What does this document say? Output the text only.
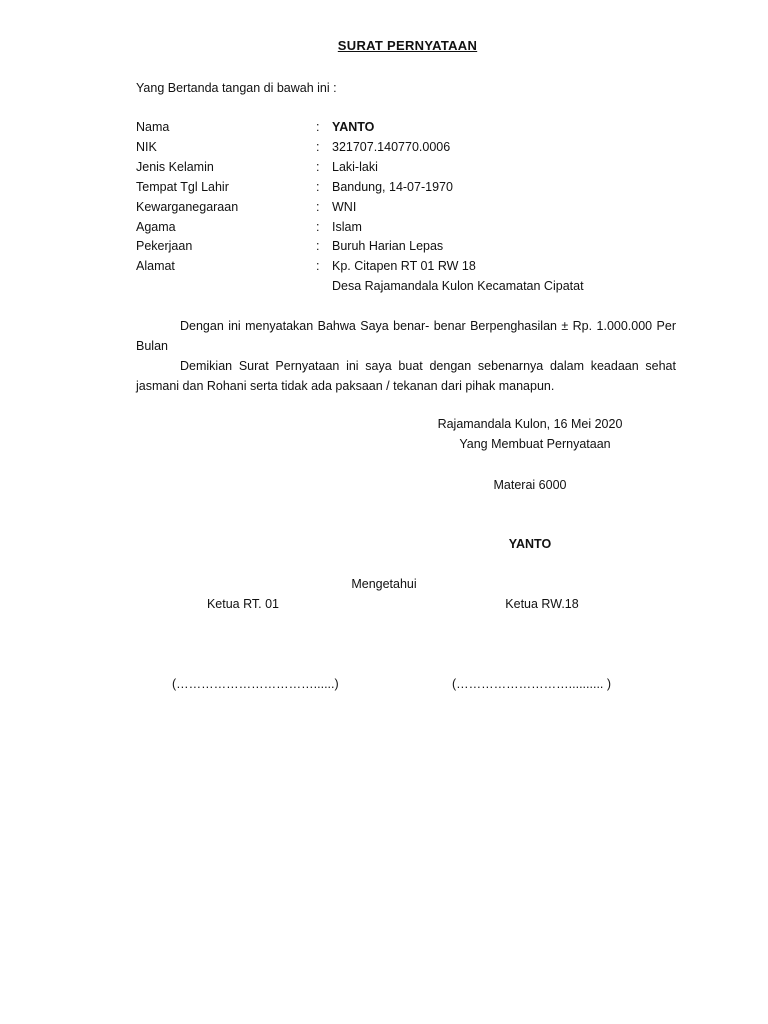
SURAT PERNYATAAN
Yang Bertanda tangan di bawah ini :
Nama	: YANTO
NIK	: 321707.140770.0006
Jenis Kelamin	: Laki-laki
Tempat Tgl Lahir	: Bandung, 14-07-1970
Kewarganegaraan	: WNI
Agama	: Islam
Pekerjaan	: Buruh Harian Lepas
Alamat	: Kp. Citapen RT 01 RW 18
Desa Rajamandala Kulon Kecamatan Cipatat
Dengan ini menyatakan Bahwa Saya benar- benar Berpenghasilan ± Rp. 1.000.000 Per Bulan
Demikian Surat Pernyataan ini saya buat dengan sebenarnya dalam keadaan sehat jasmani dan Rohani serta tidak ada paksaan / tekanan dari pihak manapun.
Rajamandala Kulon, 16 Mei 2020
Yang Membuat Pernyataan
Materai 6000
YANTO
Mengetahui
Ketua RT. 01	Ketua RW.18
(……………………………......)	(……………………….......... )
